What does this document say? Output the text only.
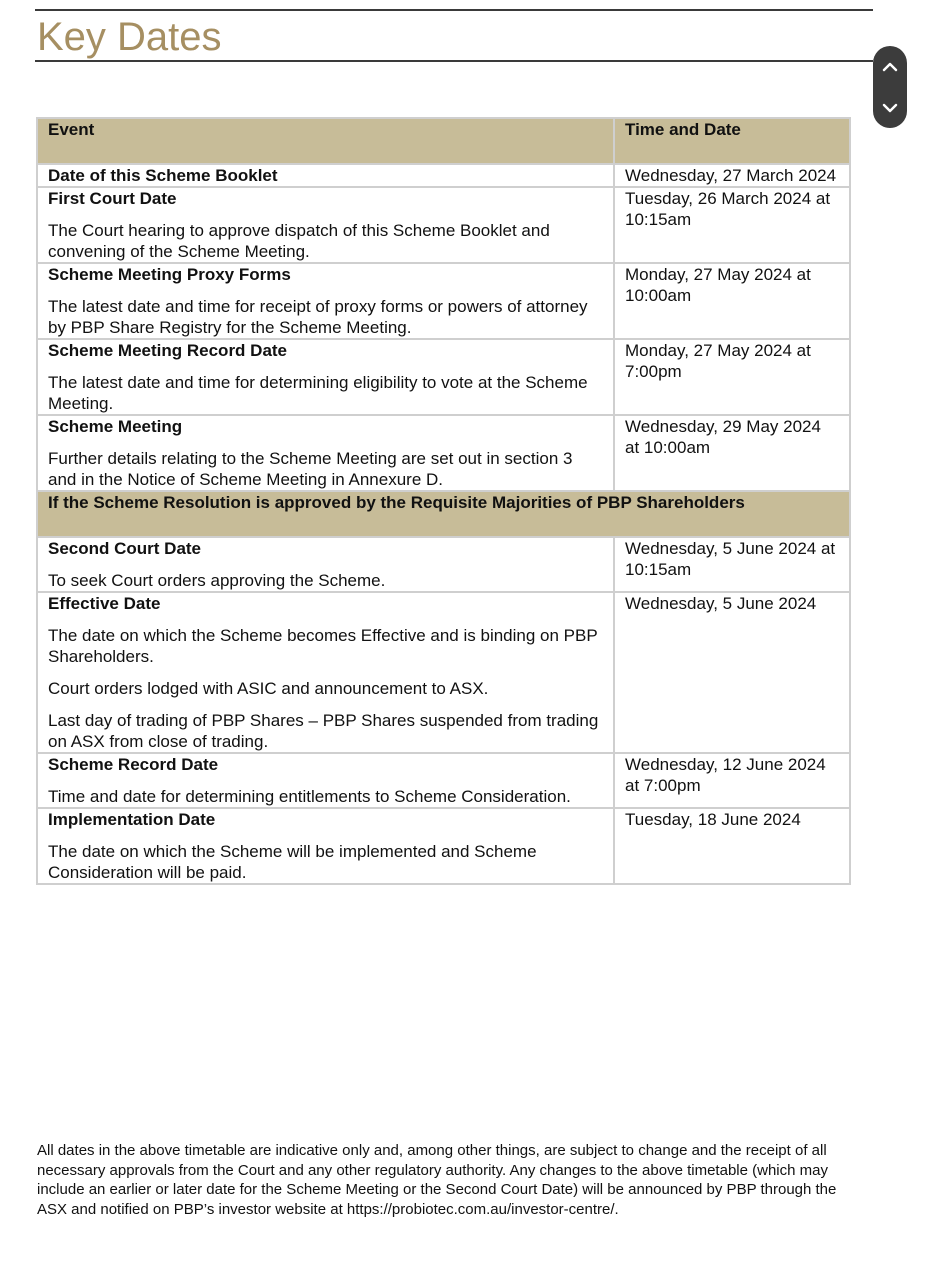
Key Dates
Event	Time and Date

Date of this Scheme Booklet	Wednesday, 27 March 2024

First Court Date
The Court hearing to approve dispatch of this Scheme Booklet and convening of the Scheme Meeting.	Tuesday, 26 March 2024 at 10:15am

Scheme Meeting Proxy Forms
The latest date and time for receipt of proxy forms or powers of attorney by PBP Share Registry for the Scheme Meeting.	Monday, 27 May 2024 at 10:00am

Scheme Meeting Record Date
The latest date and time for determining eligibility to vote at the Scheme Meeting.	Monday, 27 May 2024 at 7:00pm

Scheme Meeting
Further details relating to the Scheme Meeting are set out in section 3 and in the Notice of Scheme Meeting in Annexure D.	Wednesday, 29 May 2024 at 10:00am

If the Scheme Resolution is approved by the Requisite Majorities of PBP Shareholders	

Second Court Date
To seek Court orders approving the Scheme.	Wednesday, 5 June 2024 at 10:15am

Effective Date
The date on which the Scheme becomes Effective and is binding on PBP Shareholders.
Court orders lodged with ASIC and announcement to ASX.
Last day of trading of PBP Shares – PBP Shares suspended from trading on ASX from close of trading.	Wednesday, 5 June 2024

Scheme Record Date
Time and date for determining entitlements to Scheme Consideration.	Wednesday, 12 June 2024 at 7:00pm

Implementation Date
The date on which the Scheme will be implemented and Scheme Consideration will be paid.	Tuesday, 18 June 2024

All dates in the above timetable are indicative only and, among other things, are subject to change and the receipt of all necessary approvals from the Court and any other regulatory authority. Any changes to the above timetable (which may include an earlier or later date for the Scheme Meeting or the Second Court Date) will be announced by PBP through the ASX and notified on PBP’s investor website at https://probiotec.com.au/investor-centre/.
